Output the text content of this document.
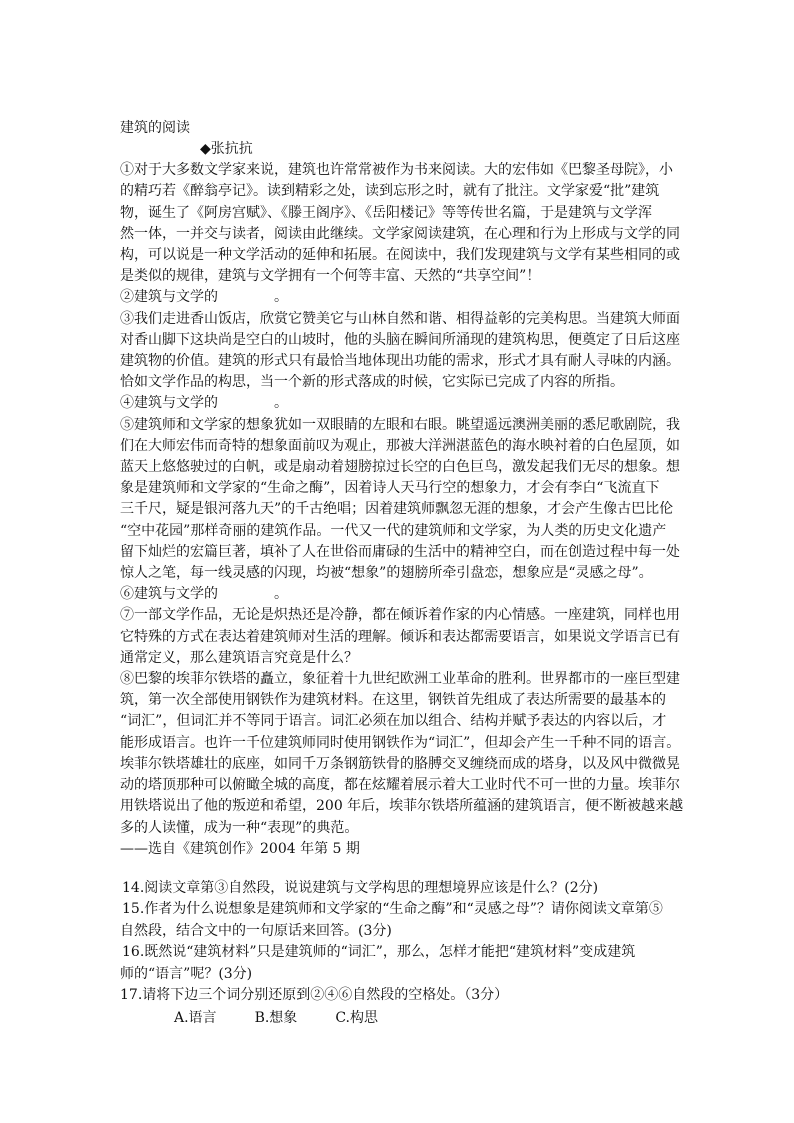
建筑的阅读
◆张抗抗
①对于大多数文学家来说，建筑也许常常被作为书来阅读。大的宏伟如《巴黎圣母院》，小
的精巧若《醉翁亭记》。读到精彩之处，读到忘形之时，就有了批注。文学家爱“批”建筑
物，诞生了《阿房宫赋》、《滕王阁序》、《岳阳楼记》等等传世名篇，于是建筑与文学浑
然一体，一并交与读者，阅读由此继续。文学家阅读建筑，在心理和行为上形成与文学的同
构，可以说是一种文学活动的延伸和拓展。在阅读中，我们发现建筑与文学有某些相同的或
是类似的规律，建筑与文学拥有一个何等丰富、天然的“共享空间”！
②建筑与文学的	。
③我们走进香山饭店，欣赏它赞美它与山林自然和谐、相得益彰的完美构思。当建筑大师面
对香山脚下这块尚是空白的山坡时，他的头脑在瞬间所涌现的建筑构思，便奠定了日后这座
建筑物的价值。建筑的形式只有最恰当地体现出功能的需求，形式才具有耐人寻味的内涵。
恰如文学作品的构思，当一个新的形式落成的时候，它实际已完成了内容的所指。
④建筑与文学的	。
⑤建筑师和文学家的想象犹如一双眼睛的左眼和右眼。眺望遥远澳洲美丽的悉尼歌剧院，我
们在大师宏伟而奇特的想象面前叹为观止，那被大洋洲湛蓝色的海水映衬着的白色屋顶，如
蓝天上悠悠驶过的白帆，或是扇动着翅膀掠过长空的白色巨鸟，激发起我们无尽的想象。想
象是建筑师和文学家的“生命之酶”，因着诗人天马行空的想象力，才会有李白“飞流直下
三千尺，疑是银河落九天”的千古绝唱；因着建筑师飘忽无涯的想象，才会产生像古巴比伦
“空中花园”那样奇丽的建筑作品。一代又一代的建筑师和文学家，为人类的历史文化遗产
留下灿烂的宏篇巨著，填补了人在世俗而庸碌的生活中的精神空白，而在创造过程中每一处
惊人之笔，每一线灵感的闪现，均被“想象”的翅膀所牵引盘恋，想象应是“灵感之母”。
⑥建筑与文学的	。
⑦一部文学作品，无论是炽热还是冷静，都在倾诉着作家的内心情感。一座建筑，同样也用
它特殊的方式在表达着建筑师对生活的理解。倾诉和表达都需要语言，如果说文学语言已有
通常定义，那么建筑语言究竟是什么？
⑧巴黎的埃菲尔铁塔的矗立，象征着十九世纪欧洲工业革命的胜利。世界都市的一座巨型建
筑，第一次全部使用钢铁作为建筑材料。在这里，钢铁首先组成了表达所需要的最基本的
“词汇”，但词汇并不等同于语言。词汇必须在加以组合、结构并赋予表达的内容以后，才
能形成语言。也许一千位建筑师同时使用钢铁作为“词汇”，但却会产生一千种不同的语言。
埃菲尔铁塔雄壮的底座，如同千万条钢筋铁骨的胳膊交叉缠绕而成的塔身，以及风中微微晃
动的塔顶那种可以俯瞰全城的高度，都在炫耀着展示着大工业时代不可一世的力量。埃菲尔
用铁塔说出了他的叛逆和希望，200 年后，埃菲尔铁塔所蕴涵的建筑语言，便不断被越来越
多的人读懂，成为一种“表现”的典范。
——选自《建筑创作》2004 年第 5 期
14.阅读文章第③自然段，说说建筑与文学构思的理想境界应该是什么？(2分)
15.作者为什么说想象是建筑师和文学家的“生命之酶”和“灵感之母”？请你阅读文章第⑤
自然段，结合文中的一句原话来回答。(3分)
16.既然说“建筑材料”只是建筑师的“词汇”，那么，怎样才能把“建筑材料”变成建筑
师的“语言”呢？(3分)
17.请将下边三个词分别还原到②④⑥自然段的空格处。（3分）
A.语言	B.想象	C.构思
